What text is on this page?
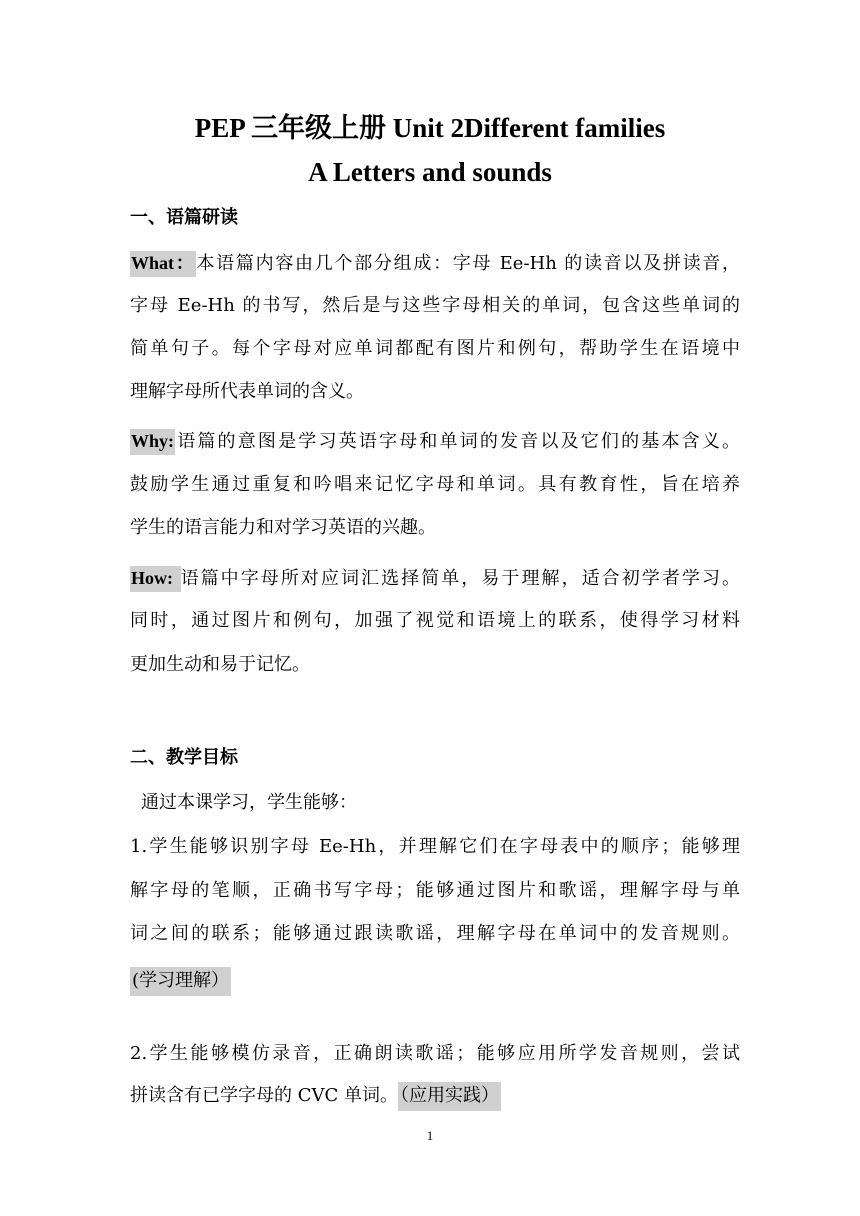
PEP 三年级上册 Unit 2Different families
A Letters and sounds
一、语篇研读
What：本语篇内容由几个部分组成：字母 Ee-Hh 的读音以及拼读音，
字母 Ee-Hh 的书写，然后是与这些字母相关的单词，包含这些单词的
简单句子。每个字母对应单词都配有图片和例句，帮助学生在语境中
理解字母所代表单词的含义。
Why:语篇的意图是学习英语字母和单词的发音以及它们的基本含义。
鼓励学生通过重复和吟唱来记忆字母和单词。具有教育性，旨在培养
学生的语言能力和对学习英语的兴趣。
How: 语篇中字母所对应词汇选择简单，易于理解，适合初学者学习。
同时，通过图片和例句，加强了视觉和语境上的联系，使得学习材料
更加生动和易于记忆。
二、教学目标
通过本课学习，学生能够：
1.学生能够识别字母 Ee-Hh，并理解它们在字母表中的顺序；能够理
解字母的笔顺，正确书写字母；能够通过图片和歌谣，理解字母与单
词之间的联系；能够通过跟读歌谣，理解字母在单词中的发音规则。
(学习理解）
2.学生能够模仿录音，正确朗读歌谣；能够应用所学发音规则，尝试
拼读含有已学字母的 CVC 单词。 （应用实践）
1
